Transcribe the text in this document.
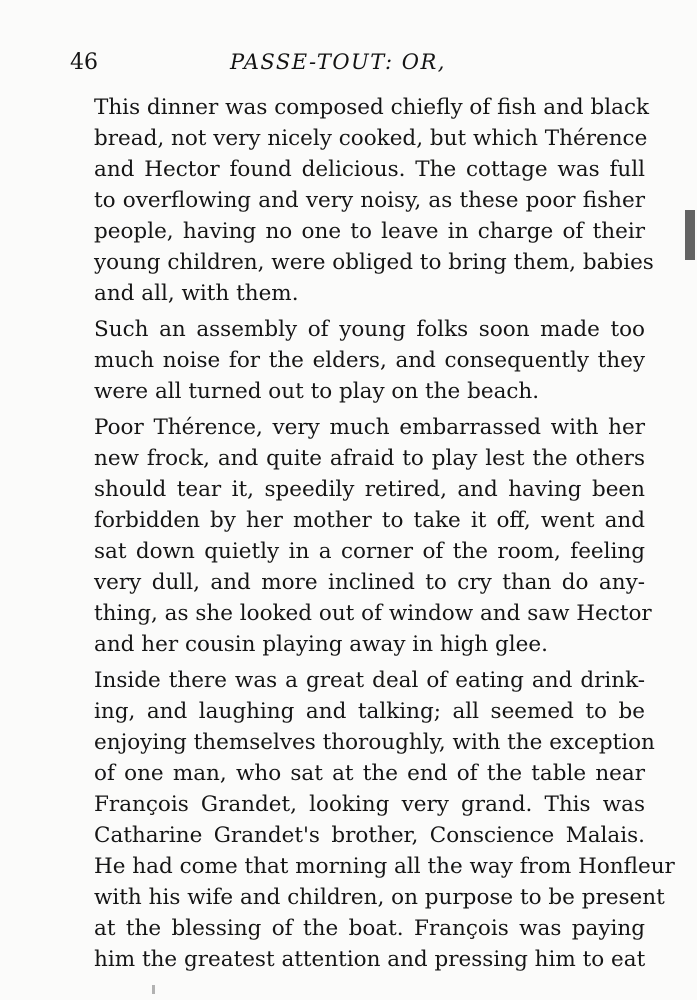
46	PASSE-TOUT: OR,

This dinner was composed chiefly of fish and black
bread, not very nicely cooked, but which Thérence
and Hector found delicious. The cottage was full
to overflowing and very noisy, as these poor fisher
people, having no one to leave in charge of their
young children, were obliged to bring them, babies
and all, with them.

Such an assembly of young folks soon made too
much noise for the elders, and consequently they
were all turned out to play on the beach.

Poor Thérence, very much embarrassed with her
new frock, and quite afraid to play lest the others
should tear it, speedily retired, and having been
forbidden by her mother to take it off, went and
sat down quietly in a corner of the room, feeling
very dull, and more inclined to cry than do any-
thing, as she looked out of window and saw Hector
and her cousin playing away in high glee.

Inside there was a great deal of eating and drink-
ing, and laughing and talking; all seemed to be
enjoying themselves thoroughly, with the exception
of one man, who sat at the end of the table near
François Grandet, looking very grand. This was
Catharine Grandet's brother, Conscience Malais.
He had come that morning all the way from Honfleur
with his wife and children, on purpose to be present
at the blessing of the boat. François was paying
him the greatest attention and pressing him to eat
